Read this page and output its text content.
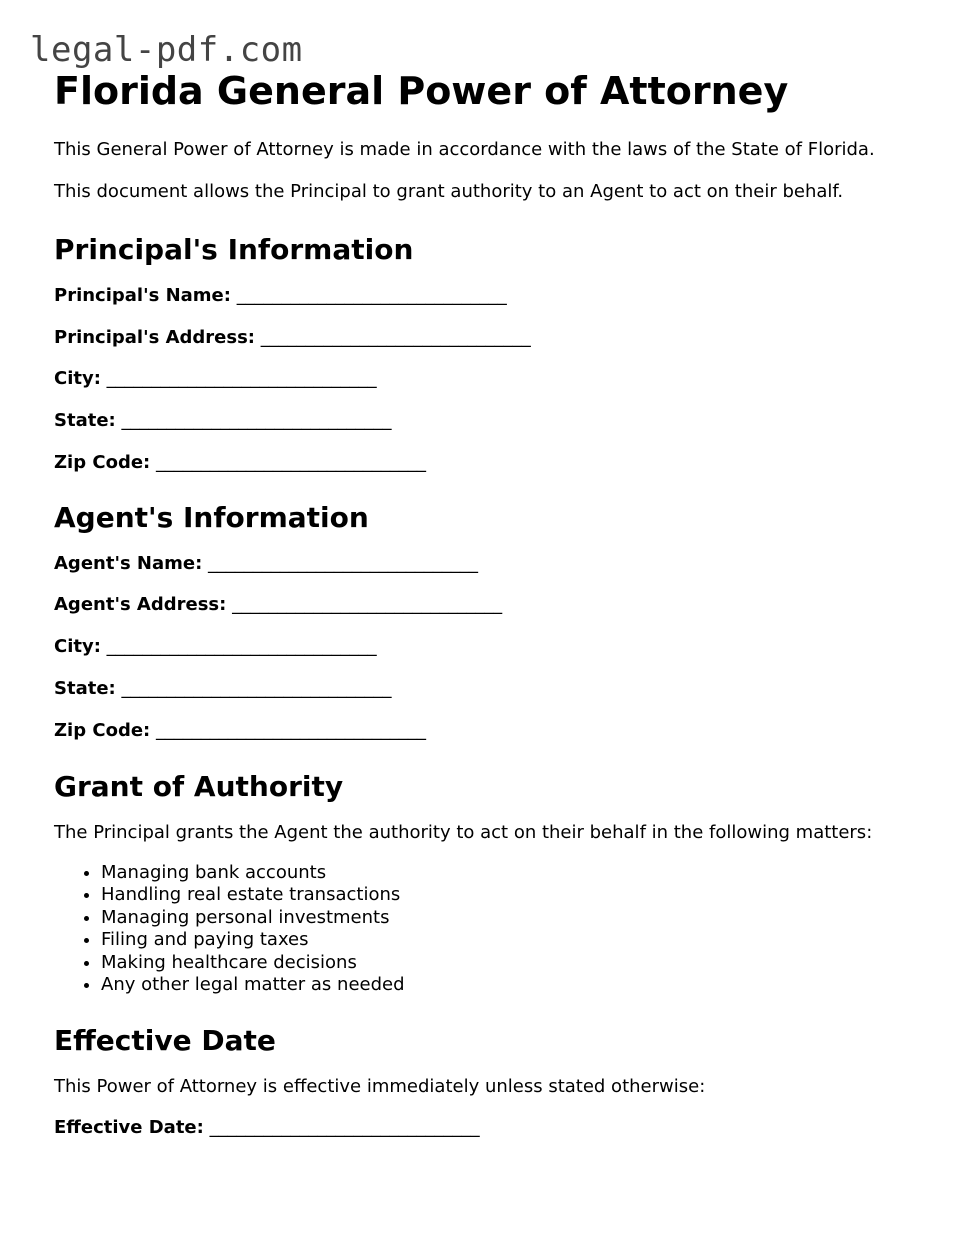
legal-pdf.com
Florida General Power of Attorney

This General Power of Attorney is made in accordance with the laws of the State of Florida.

This document allows the Principal to grant authority to an Agent to act on their behalf.

Principal's Information
Principal's Name: ______________________________
Principal's Address: ______________________________
City: ______________________________
State: ______________________________
Zip Code: ______________________________
Agent's Information
Agent's Name: ______________________________
Agent's Address: ______________________________
City: ______________________________
State: ______________________________
Zip Code: ______________________________
Grant of Authority

The Principal grants the Agent the authority to act on their behalf in the following matters:

• Managing bank accounts
• Handling real estate transactions
• Managing personal investments
• Filing and paying taxes
• Making healthcare decisions
• Any other legal matter as needed
Effective Date

This Power of Attorney is effective immediately unless stated otherwise:

Effective Date: ______________________________
